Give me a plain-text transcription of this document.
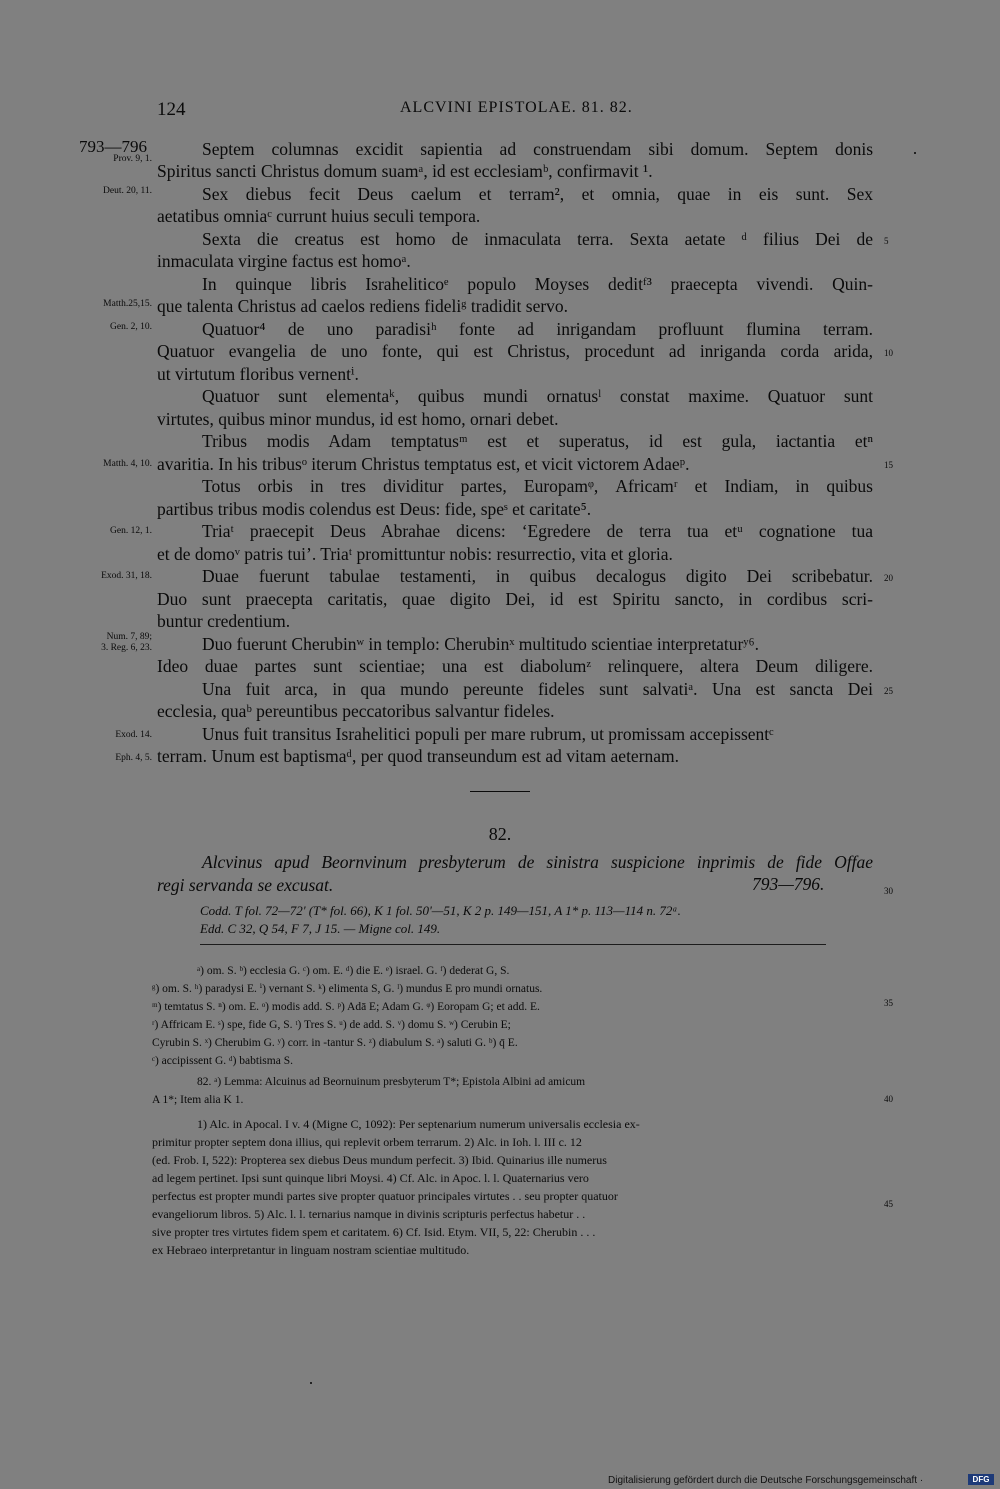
124	ALCVINI EPISTOLAE. 81. 82.
793—796
Prov. 9, 1.
Deut. 20, 11.
Matth.25,15.
Gen. 2, 10.
Matth. 4, 10.
Gen. 12, 1.
Exod. 31, 18.
Num. 7, 89;
3. Reg. 6, 23.
Exod. 14.
Eph. 4, 5.
Septem columnas excidit sapientia ad construendam sibi domum. Septem donis
Spiritus sancti Christus domum suamᵃ, id est ecclesiamᵇ, confirmavit ¹.
Sex diebus fecit Deus caelum et terram², et omnia, quae in eis sunt. Sex
aetatibus omniaᶜ currunt huius seculi tempora.
Sexta die creatus est homo de inmaculata terra. Sexta aetate ᵈ filius Dei de
inmaculata virgine factus est homoᵃ.
In quinque libris Israheliticoᵉ populo Moyses deditᶠ³ praecepta vivendi. Quin-
que talenta Christus ad caelos rediens fideliᵍ tradidit servo.
Quatuor⁴ de uno paradisiʰ fonte ad inrigandam profluunt flumina terram.
Quatuor evangelia de uno fonte, qui est Christus, procedunt ad inriganda corda arida,
ut virtutum floribus vernentⁱ.
Quatuor sunt elementaᵏ, quibus mundi ornatusˡ constat maxime. Quatuor sunt
virtutes, quibus minor mundus, id est homo, ornari debet.
Tribus modis Adam temptatusᵐ est et superatus, id est gula, iactantia etⁿ
avaritia. In his tribusᵒ iterum Christus temptatus est, et vicit victorem Adaeᵖ.
Totus orbis in tres dividitur partes, Europamᵠ, Africamʳ et Indiam, in quibus
partibus tribus modis colendus est Deus: fide, speˢ et caritate⁵.
Triaᵗ praecepit Deus Abrahae dicens: ‘Egredere de terra tua etᵘ cognatione tua
et de domoᵛ patris tui’. Triaᵗ promittuntur nobis: resurrectio, vita et gloria.
Duae fuerunt tabulae testamenti, in quibus decalogus digito Dei scribebatur.
Duo sunt praecepta caritatis, quae digito Dei, id est Spiritu sancto, in cordibus scri-
buntur credentium.
Duo fuerunt Cherubinʷ in templo: Cherubinˣ multitudo scientiae interpretaturʸ⁶.
Ideo duae partes sunt scientiae; una est diabolumᶻ relinquere, altera Deum diligere.
Una fuit arca, in qua mundo pereunte fideles sunt salvatiᵃ. Una est sancta Dei
ecclesia, quaᵇ pereuntibus peccatoribus salvantur fideles.
Unus fuit transitus Israhelitici populi per mare rubrum, ut promissam accepissentᶜ
terram. Unum est baptismaᵈ, per quod transeundum est ad vitam aeternam.
5
10
15
20
25
30
35
40
45
82.
Alcvinus apud Beornvinum presbyterum de sinistra suspicione inprimis de fide Offae
regi servanda se excusat.	793—796.
Codd. T fol. 72—72' (T* fol. 66), K 1 fol. 50'—51, K 2 p. 149—151, A 1* p. 113—114 n. 72ᵃ.
Edd. C 32, Q 54, F 7, J 15. — Migne col. 149.
ᵃ) om. S. ᵇ) ecclesia G. ᶜ) om. E. ᵈ) die E. ᵉ) israel. G. ᶠ) dederat G, S.
ᵍ) om. S. ʰ) paradysi E. ⁱ) vernant S. ᵏ) elimenta S, G. ˡ) mundus E pro mundi ornatus.
ᵐ) temtatus S. ⁿ) om. E. ᵒ) modis add. S. ᵖ) Adā E; Adam G. ᵠ) Eoropam G; et add. E.
ʳ) Affricam E. ˢ) spe, fide G, S. ᵗ) Tres S. ᵘ) de add. S. ᵛ) domu S. ʷ) Cerubin E;
Cyrubin S. ˣ) Cherubim G. ʸ) corr. in -tantur S. ᶻ) diabulum S. ᵃ) saluti G. ᵇ) q̄ E.
ᶜ) accipissent G. ᵈ) babtisma S.
82. ᵃ) Lemma: Alcuinus ad Beornuinum presbyterum T*; Epistola Albini ad amicum
A 1*; Item alia K 1.
1) Alc. in Apocal. I v. 4 (Migne C, 1092): Per septenarium numerum universalis ecclesia ex-
primitur propter septem dona illius, qui replevit orbem terrarum. 2) Alc. in Ioh. l. III c. 12
(ed. Frob. I, 522): Propterea sex diebus Deus mundum perfecit. 3) Ibid. Quinarius ille numerus
ad legem pertinet. Ipsi sunt quinque libri Moysi. 4) Cf. Alc. in Apoc. l. l. Quaternarius vero
perfectus est propter mundi partes sive propter quatuor principales virtutes . . seu propter quatuor
evangeliorum libros. 5) Alc. l. l. ternarius namque in divinis scripturis perfectus habetur . .
sive propter tres virtutes fidem spem et caritatem. 6) Cf. Isid. Etym. VII, 5, 22: Cherubin . . .
ex Hebraeo interpretantur in linguam nostram scientiae multitudo.
Digitalisierung gefördert durch die Deutsche Forschungsgemeinschaft ·	DFG
